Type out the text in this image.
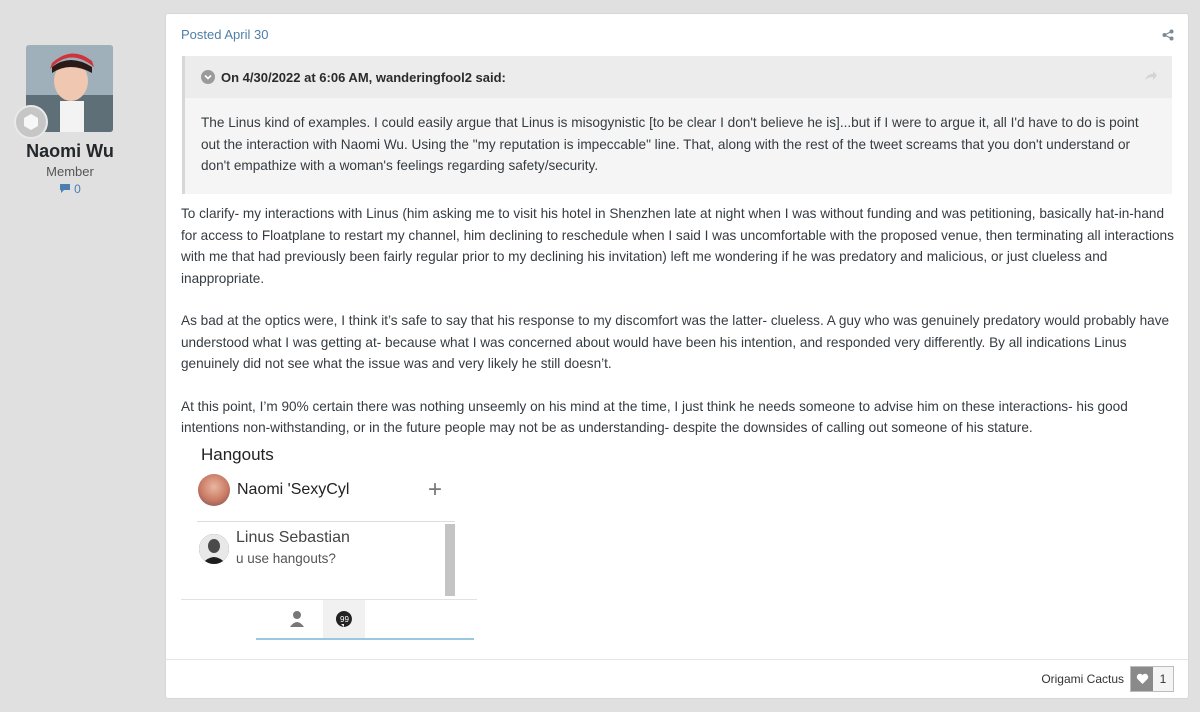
Naomi Wu
Member
0
Posted April 30
On 4/30/2022 at 6:06 AM, wanderingfool2 said:
The Linus kind of examples. I could easily argue that Linus is misogynistic [to be clear I don't believe he is]...but if I were to argue it, all I'd have to do is point out the interaction with Naomi Wu. Using the "my reputation is impeccable" line. That, along with the rest of the tweet screams that you don't understand or don't empathize with a woman's feelings regarding safety/security.

To clarify- my interactions with Linus (him asking me to visit his hotel in Shenzhen late at night when I was without funding and was petitioning, basically hat-in-hand for access to Floatplane to restart my channel, him declining to reschedule when I said I was uncomfortable with the proposed venue, then terminating all interactions with me that had previously been fairly regular prior to my declining his invitation) left me wondering if he was predatory and malicious, or just clueless and inappropriate.

As bad at the optics were, I think it’s safe to say that his response to my discomfort was the latter- clueless. A guy who was genuinely predatory would probably have understood what I was getting at- because what I was concerned about would have been his intention, and responded very differently. By all indications Linus genuinely did not see what the issue was and very likely he still doesn’t.

At this point, I’m 90% certain there was nothing unseemly on his mind at the time, I just think he needs someone to advise him on these interactions- his good intentions non-withstanding, or in the future people may not be as understanding- despite the downsides of calling out someone of his stature.

Hangouts
Naomi 'SexyCyl	+
Linus Sebastian
u use hangouts?
99
Origami Cactus	1
